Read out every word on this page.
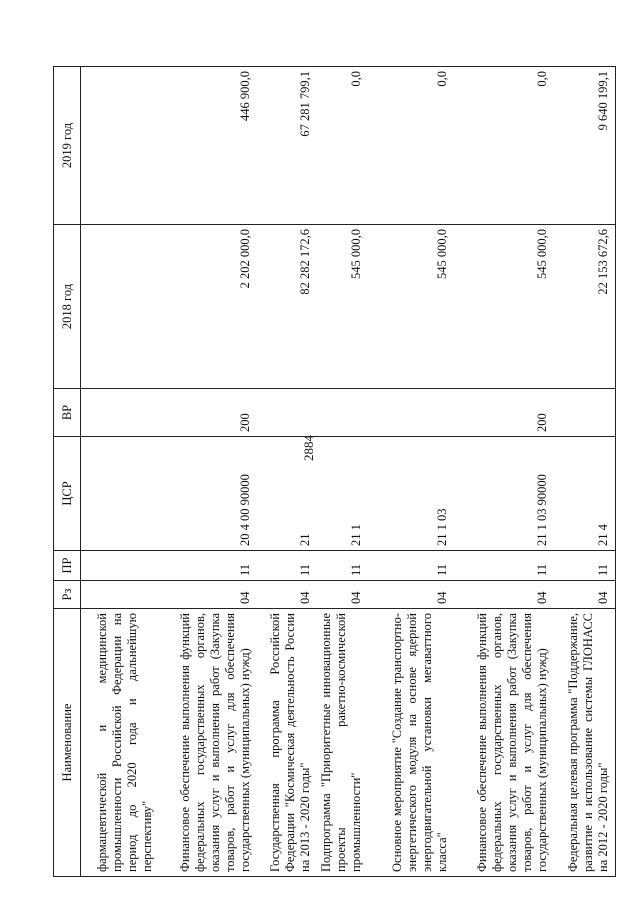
2884
Наименование	Рз	ПР	ЦСР	ВР	2018 год	2019 год

фармацевтической и медицинской промышленности Российской Федерации на период до 2020 года и дальнейшую перспективу"						

Финансовое обеспечение выполнения функций федеральных государственных органов, оказания услуг и выполнения работ (Закупка товаров, работ и услуг для обеспечения государственных (муниципальных) нужд)	04	11	20 4 00 90000	200	2 202 000,0	446 900,0

Государственная программа Российской Федерации "Космическая деятельность России на 2013 - 2020 годы"	04	11	21		82 282 172,6	67 281 799,1

Подпрограмма "Приоритетные инновационные проекты ракетно-космической промышленности"	04	11	21 1		545 000,0	0,0

Основное мероприятие "Создание транспортно-энергетического модуля на основе ядерной энергодвигательной установки мегаваттного класса"	04	11	21 1 03		545 000,0	0,0

Финансовое обеспечение выполнения функций федеральных государственных органов, оказания услуг и выполнения работ (Закупка товаров, работ и услуг для обеспечения государственных (муниципальных) нужд)	04	11	21 1 03 90000	200	545 000,0	0,0

Федеральная целевая программа "Поддержание, развитие и использование системы ГЛОНАСС на 2012 - 2020 годы"	04	11	21 4		22 153 672,6	9 640 199,1
